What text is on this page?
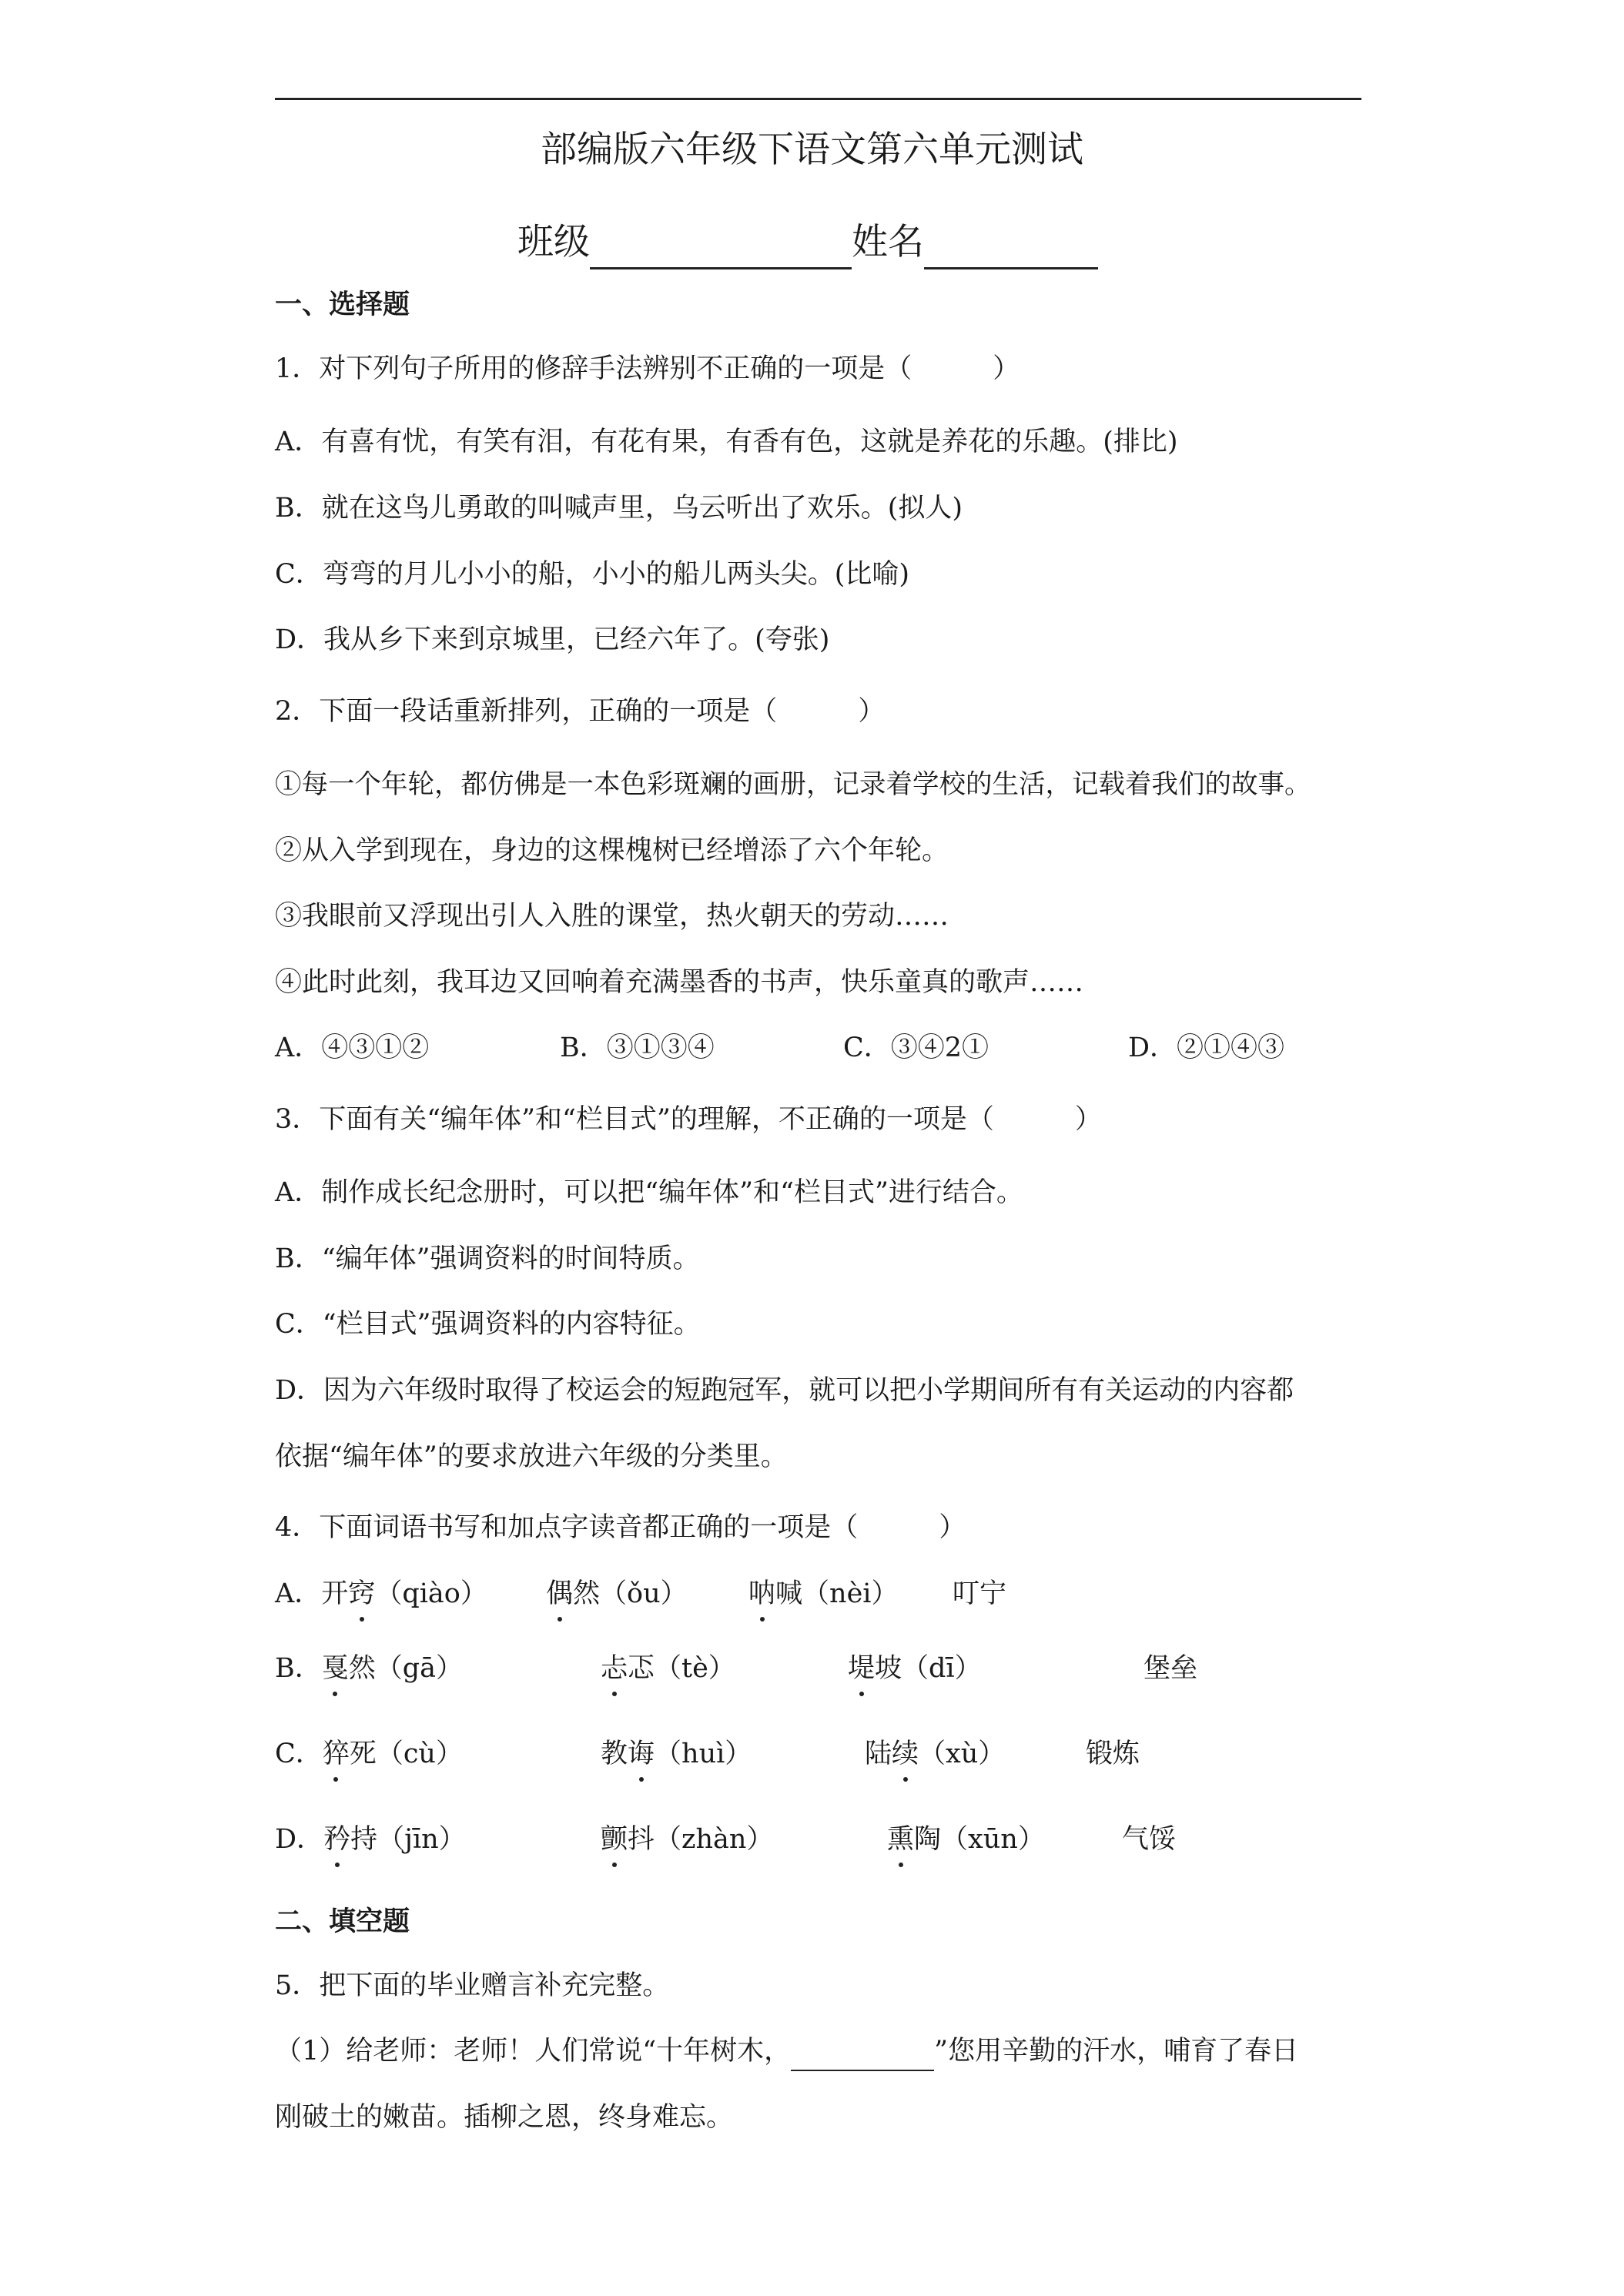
部编版六年级下语文第六单元测试
班级	姓名
一、选择题
1．对下列句子所用的修辞手法辨别不正确的一项是（　　　）
A．有喜有忧，有笑有泪，有花有果，有香有色，这就是养花的乐趣。(排比)
B．就在这鸟儿勇敢的叫喊声里，乌云听出了欢乐。(拟人)
C．弯弯的月儿小小的船，小小的船儿两头尖。(比喻)
D．我从乡下来到京城里，已经六年了。(夸张)
2．下面一段话重新排列，正确的一项是（　　　）
①每一个年轮，都仿佛是一本色彩斑斓的画册，记录着学校的生活，记载着我们的故事。
②从入学到现在，身边的这棵槐树已经增添了六个年轮。
③我眼前又浮现出引人入胜的课堂，热火朝天的劳动……
④此时此刻，我耳边又回响着充满墨香的书声，快乐童真的歌声……
A．④③①②	B．③①③④	C．③④2①	D．②①④③
3．下面有关“编年体”和“栏目式”的理解，不正确的一项是（　　　）
A．制作成长纪念册时，可以把“编年体”和“栏目式”进行结合。
B．“编年体”强调资料的时间特质。
C．“栏目式”强调资料的内容特征。
D．因为六年级时取得了校运会的短跑冠军，就可以把小学期间所有有关运动的内容都
依据“编年体”的要求放进六年级的分类里。
4．下面词语书写和加点字读音都正确的一项是（　　　）
A．开窍（qiào） 偶然（ǒu） 呐喊（nèi） 叮宁
B．戛然（gā）	忐忑（tè）	堤坡（dī）	堡垒
C．猝死（cù）	教诲（huì）	陆续（xù）	锻炼
D．矜持（jīn）	颤抖（zhàn）	熏陶（xūn）	气馁
二、填空题
5．把下面的毕业赠言补充完整。
（1）给老师：老师！人们常说“十年树木，	”您用辛勤的汗水，哺育了春日
刚破土的嫩苗。插柳之恩，终身难忘。
